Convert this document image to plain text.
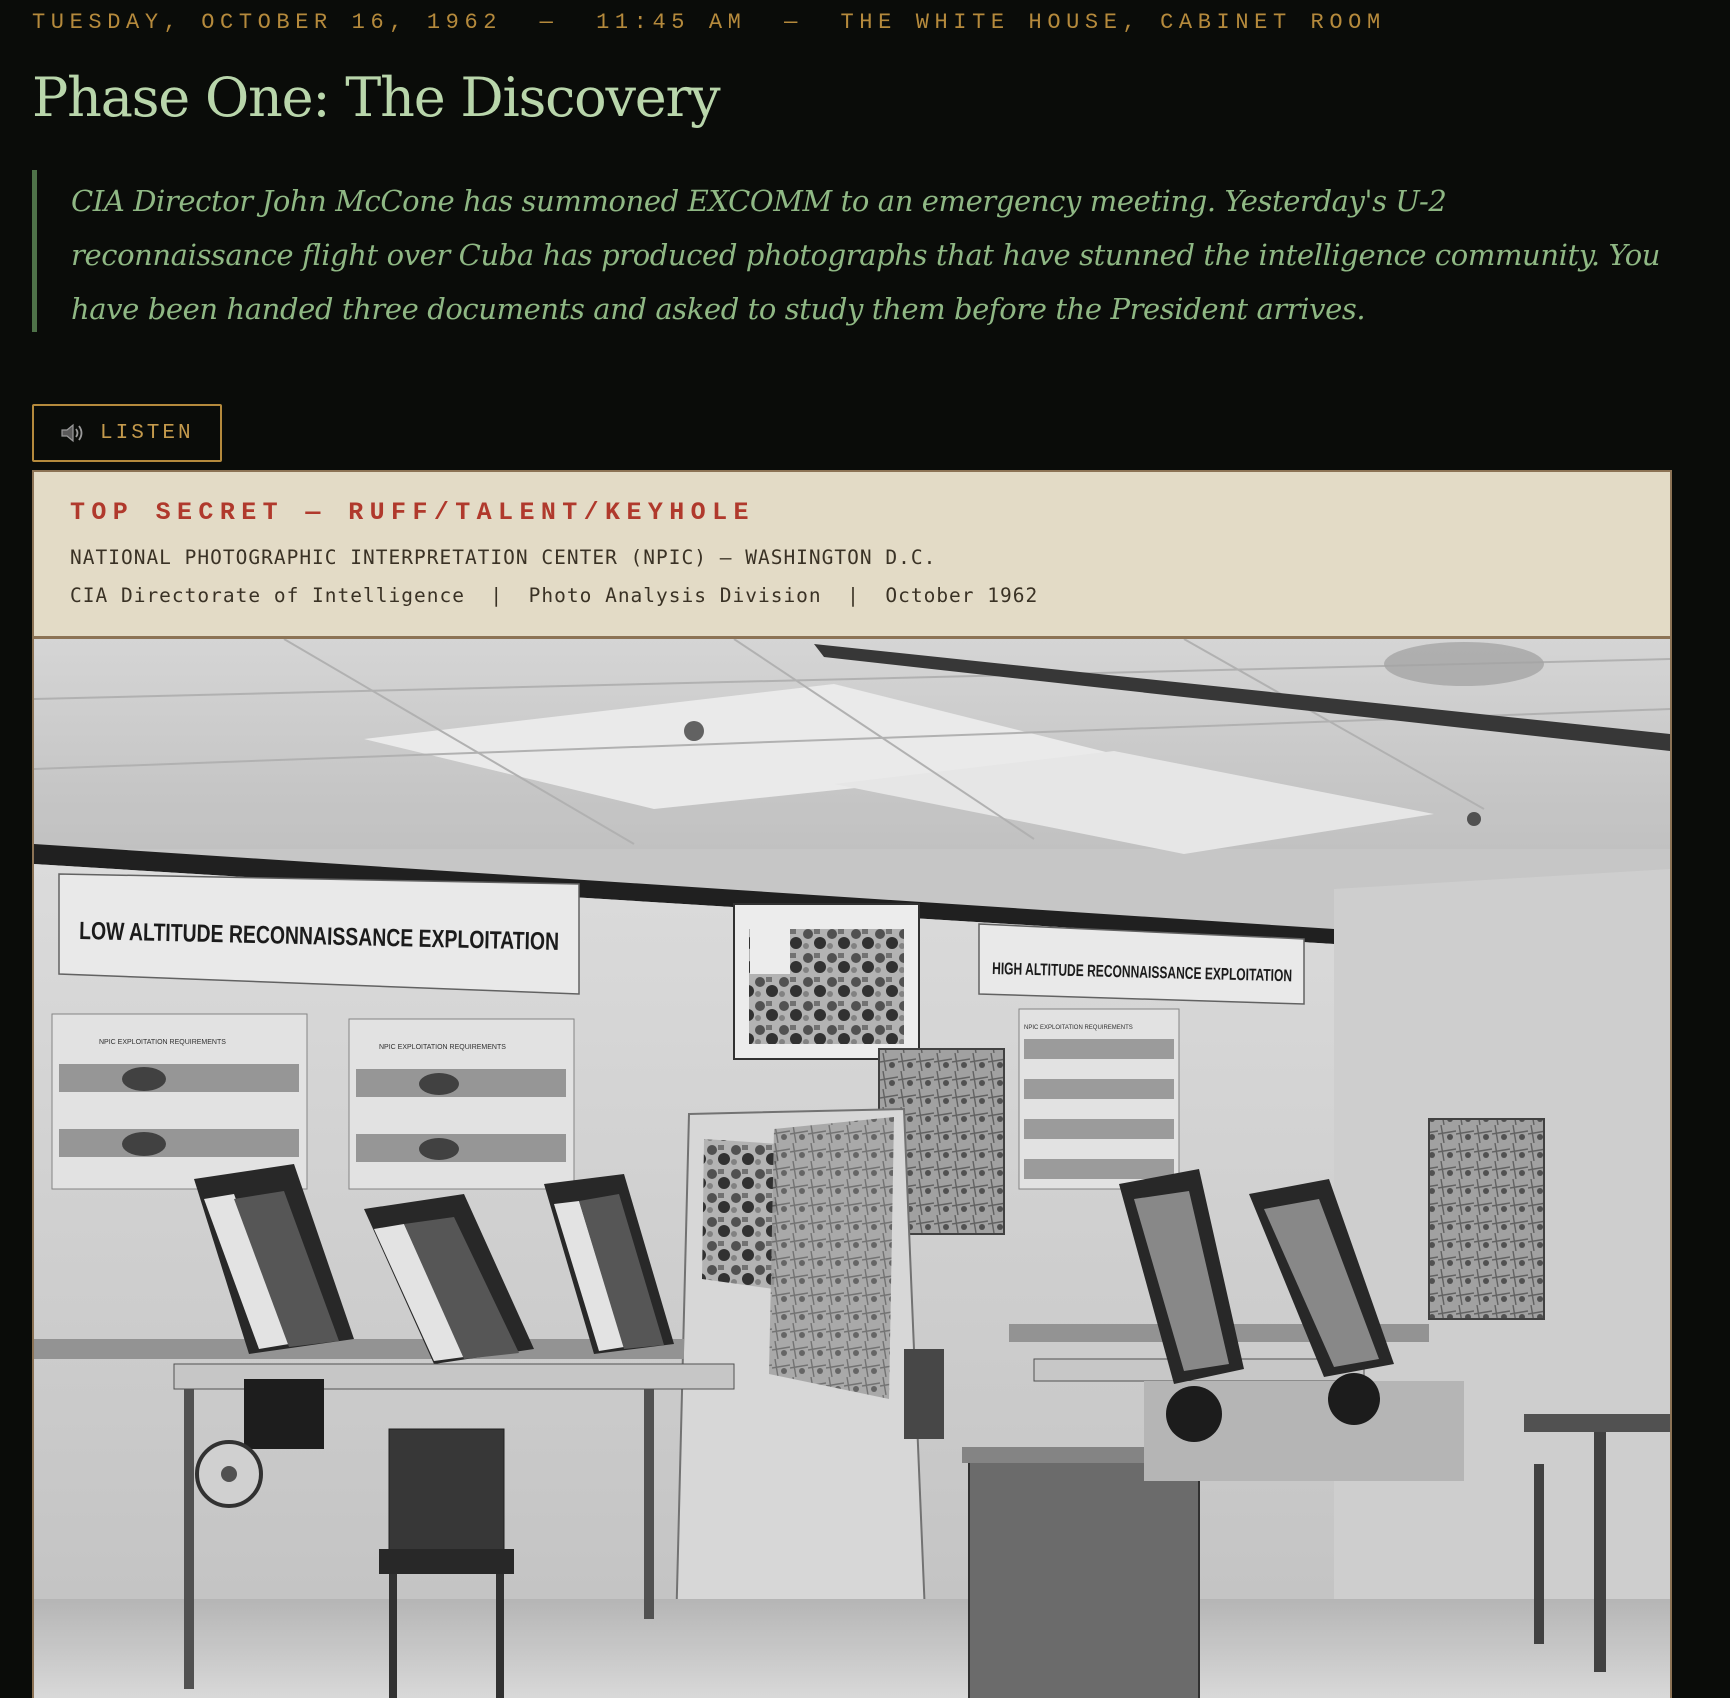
TUESDAY, OCTOBER 16, 1962  —  11:45 AM  —  THE WHITE HOUSE, CABINET ROOM
Phase One: The Discovery
CIA Director John McCone has summoned EXCOMM to an emergency meeting. Yesterday's U-2 reconnaissance flight over Cuba has produced photographs that have stunned the intelligence community. You have been handed three documents and asked to study them before the President arrives.
LISTEN
TOP SECRET — RUFF/TALENT/KEYHOLE
NATIONAL PHOTOGRAPHIC INTERPRETATION CENTER (NPIC) — WASHINGTON D.C.
CIA Directorate of Intelligence  |  Photo Analysis Division  |  October 1962
LOW ALTITUDE RECONNAISSANCE EXPLOITATION
HIGH ALTITUDE RECONNAISSANCE EXPLOITATION
NPIC EXPLOITATION REQUIREMENTS
NPIC EXPLOITATION REQUIREMENTS
NPIC EXPLOITATION REQUIREMENTS
